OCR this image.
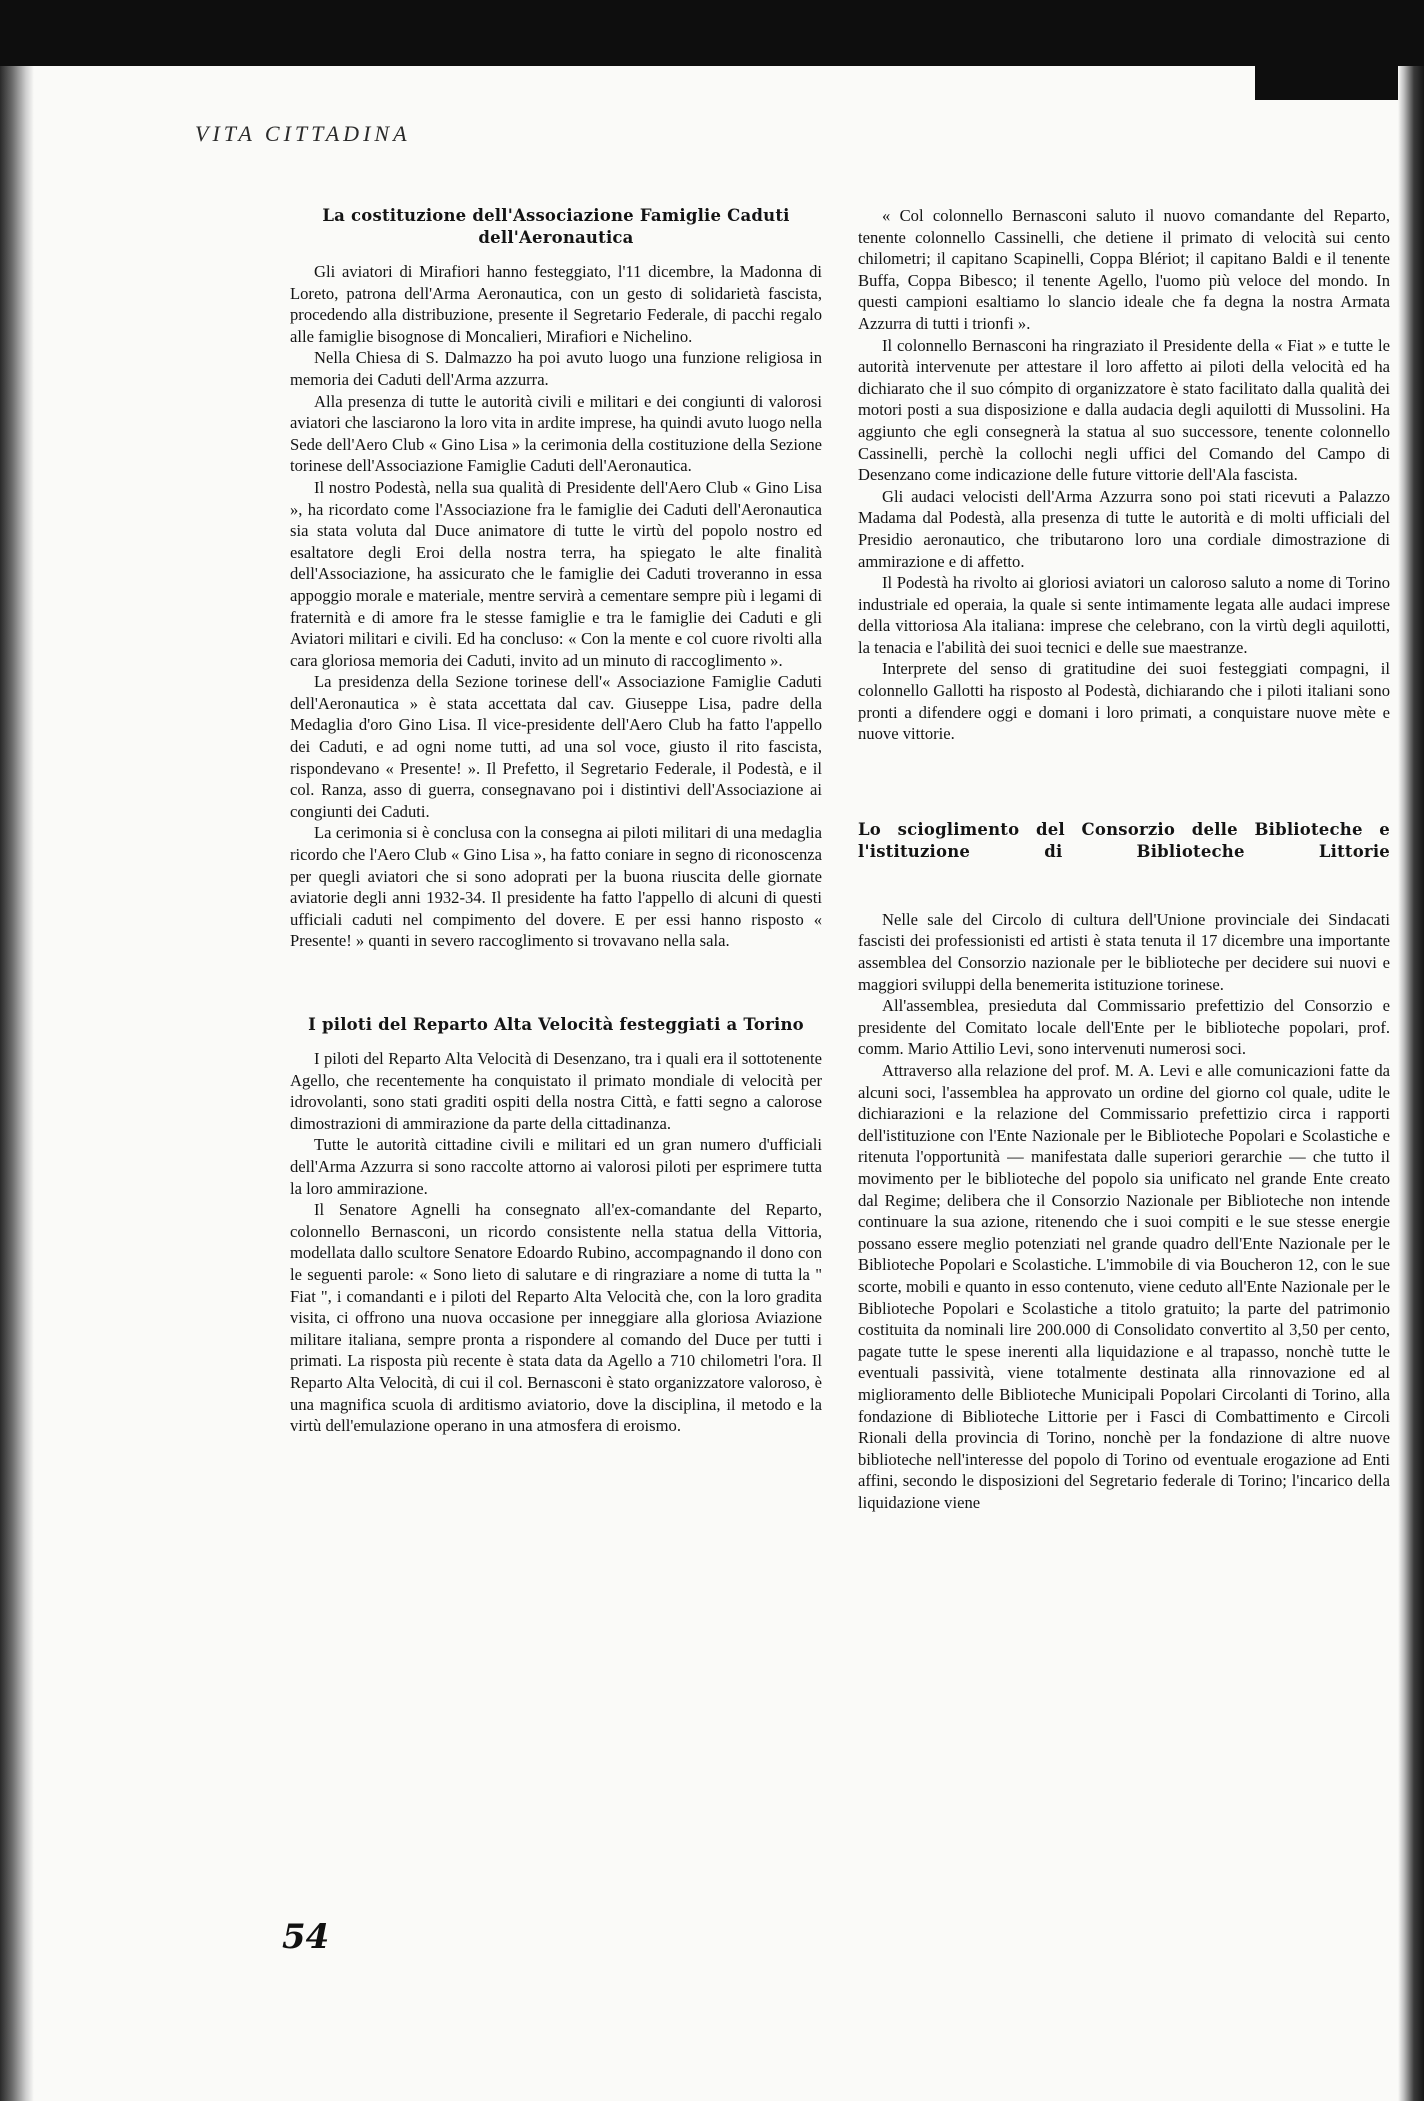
VITA CITTADINA
La costituzione dell'Associazione Famiglie Caduti dell'Aeronautica

Gli aviatori di Mirafiori hanno festeggiato, l'11 dicembre, la Madonna di Loreto, patrona dell'Arma Aeronautica, con un gesto di solidarietà fascista, procedendo alla distribuzione, presente il Segretario Federale, di pacchi regalo alle famiglie bisognose di Moncalieri, Mirafiori e Nichelino.

Nella Chiesa di S. Dalmazzo ha poi avuto luogo una funzione religiosa in memoria dei Caduti dell'Arma azzurra.

Alla presenza di tutte le autorità civili e militari e dei congiunti di valorosi aviatori che lasciarono la loro vita in ardite imprese, ha quindi avuto luogo nella Sede dell'Aero Club « Gino Lisa » la cerimonia della costituzione della Sezione torinese dell'Associazione Famiglie Caduti dell'Aeronautica.

Il nostro Podestà, nella sua qualità di Presidente dell'Aero Club « Gino Lisa », ha ricordato come l'Associazione fra le famiglie dei Caduti dell'Aeronautica sia stata voluta dal Duce animatore di tutte le virtù del popolo nostro ed esaltatore degli Eroi della nostra terra, ha spiegato le alte finalità dell'Associazione, ha assicurato che le famiglie dei Caduti troveranno in essa appoggio morale e materiale, mentre servirà a cementare sempre più i legami di fraternità e di amore fra le stesse famiglie e tra le famiglie dei Caduti e gli Aviatori militari e civili. Ed ha concluso: « Con la mente e col cuore rivolti alla cara gloriosa memoria dei Caduti, invito ad un minuto di raccoglimento ».

La presidenza della Sezione torinese dell'« Associazione Famiglie Caduti dell'Aeronautica » è stata accettata dal cav. Giuseppe Lisa, padre della Medaglia d'oro Gino Lisa. Il vice-presidente dell'Aero Club ha fatto l'appello dei Caduti, e ad ogni nome tutti, ad una sol voce, giusto il rito fascista, rispondevano « Presente! ». Il Prefetto, il Segretario Federale, il Podestà, e il col. Ranza, asso di guerra, consegnavano poi i distintivi dell'Associazione ai congiunti dei Caduti.

La cerimonia si è conclusa con la consegna ai piloti militari di una medaglia ricordo che l'Aero Club « Gino Lisa », ha fatto coniare in segno di riconoscenza per quegli aviatori che si sono adoprati per la buona riuscita delle giornate aviatorie degli anni 1932-34. Il presidente ha fatto l'appello di alcuni di questi ufficiali caduti nel compimento del dovere. E per essi hanno risposto « Presente! » quanti in severo raccoglimento si trovavano nella sala.

I piloti del Reparto Alta Velocità festeggiati a Torino

I piloti del Reparto Alta Velocità di Desenzano, tra i quali era il sottotenente Agello, che recentemente ha conquistato il primato mondiale di velocità per idrovolanti, sono stati graditi ospiti della nostra Città, e fatti segno a calorose dimostrazioni di ammirazione da parte della cittadinanza.

Tutte le autorità cittadine civili e militari ed un gran numero d'ufficiali dell'Arma Azzurra si sono raccolte attorno ai valorosi piloti per esprimere tutta la loro ammirazione.

Il Senatore Agnelli ha consegnato all'ex-comandante del Reparto, colonnello Bernasconi, un ricordo consistente nella statua della Vittoria, modellata dallo scultore Senatore Edoardo Rubino, accompagnando il dono con le seguenti parole: « Sono lieto di salutare e di ringraziare a nome di tutta la " Fiat ", i comandanti e i piloti del Reparto Alta Velocità che, con la loro gradita visita, ci offrono una nuova occasione per inneggiare alla gloriosa Aviazione militare italiana, sempre pronta a rispondere al comando del Duce per tutti i primati. La risposta più recente è stata data da Agello a 710 chilometri l'ora. Il Reparto Alta Velocità, di cui il col. Bernasconi è stato organizzatore valoroso, è una magnifica scuola di arditismo aviatorio, dove la disciplina, il metodo e la virtù dell'emulazione operano in una atmosfera di eroismo.

« Col colonnello Bernasconi saluto il nuovo comandante del Reparto, tenente colonnello Cassinelli, che detiene il primato di velocità sui cento chilometri; il capitano Scapinelli, Coppa Blériot; il capitano Baldi e il tenente Buffa, Coppa Bibesco; il tenente Agello, l'uomo più veloce del mondo. In questi campioni esaltiamo lo slancio ideale che fa degna la nostra Armata Azzurra di tutti i trionfi ».

Il colonnello Bernasconi ha ringraziato il Presidente della « Fiat » e tutte le autorità intervenute per attestare il loro affetto ai piloti della velocità ed ha dichiarato che il suo cómpito di organizzatore è stato facilitato dalla qualità dei motori posti a sua disposizione e dalla audacia degli aquilotti di Mussolini. Ha aggiunto che egli consegnerà la statua al suo successore, tenente colonnello Cassinelli, perchè la collochi negli uffici del Comando del Campo di Desenzano come indicazione delle future vittorie dell'Ala fascista.

Gli audaci velocisti dell'Arma Azzurra sono poi stati ricevuti a Palazzo Madama dal Podestà, alla presenza di tutte le autorità e di molti ufficiali del Presidio aeronautico, che tributarono loro una cordiale dimostrazione di ammirazione e di affetto.

Il Podestà ha rivolto ai gloriosi aviatori un caloroso saluto a nome di Torino industriale ed operaia, la quale si sente intimamente legata alle audaci imprese della vittoriosa Ala italiana: imprese che celebrano, con la virtù degli aquilotti, la tenacia e l'abilità dei suoi tecnici e delle sue maestranze.

Interprete del senso di gratitudine dei suoi festeggiati compagni, il colonnello Gallotti ha risposto al Podestà, dichiarando che i piloti italiani sono pronti a difendere oggi e domani i loro primati, a conquistare nuove mète e nuove vittorie.

Lo scioglimento del Consorzio delle Biblioteche e l'istituzione di Biblioteche Littorie

Nelle sale del Circolo di cultura dell'Unione provinciale dei Sindacati fascisti dei professionisti ed artisti è stata tenuta il 17 dicembre una importante assemblea del Consorzio nazionale per le biblioteche per decidere sui nuovi e maggiori sviluppi della benemerita istituzione torinese.

All'assemblea, presieduta dal Commissario prefettizio del Consorzio e presidente del Comitato locale dell'Ente per le biblioteche popolari, prof. comm. Mario Attilio Levi, sono intervenuti numerosi soci.

Attraverso alla relazione del prof. M. A. Levi e alle comunicazioni fatte da alcuni soci, l'assemblea ha approvato un ordine del giorno col quale, udite le dichiarazioni e la relazione del Commissario prefettizio circa i rapporti dell'istituzione con l'Ente Nazionale per le Biblioteche Popolari e Scolastiche e ritenuta l'opportunità — manifestata dalle superiori gerarchie — che tutto il movimento per le biblioteche del popolo sia unificato nel grande Ente creato dal Regime; delibera che il Consorzio Nazionale per Biblioteche non intende continuare la sua azione, ritenendo che i suoi compiti e le sue stesse energie possano essere meglio potenziati nel grande quadro dell'Ente Nazionale per le Biblioteche Popolari e Scolastiche. L'immobile di via Boucheron 12, con le sue scorte, mobili e quanto in esso contenuto, viene ceduto all'Ente Nazionale per le Biblioteche Popolari e Scolastiche a titolo gratuito; la parte del patrimonio costituita da nominali lire 200.000 di Consolidato convertito al 3,50 per cento, pagate tutte le spese inerenti alla liquidazione e al trapasso, nonchè tutte le eventuali passività, viene totalmente destinata alla rinnovazione ed al miglioramento delle Biblioteche Municipali Popolari Circolanti di Torino, alla fondazione di Biblioteche Littorie per i Fasci di Combattimento e Circoli Rionali della provincia di Torino, nonchè per la fondazione di altre nuove biblioteche nell'interesse del popolo di Torino od eventuale erogazione ad Enti affini, secondo le disposizioni del Segretario federale di Torino; l'incarico della liquidazione viene

54
